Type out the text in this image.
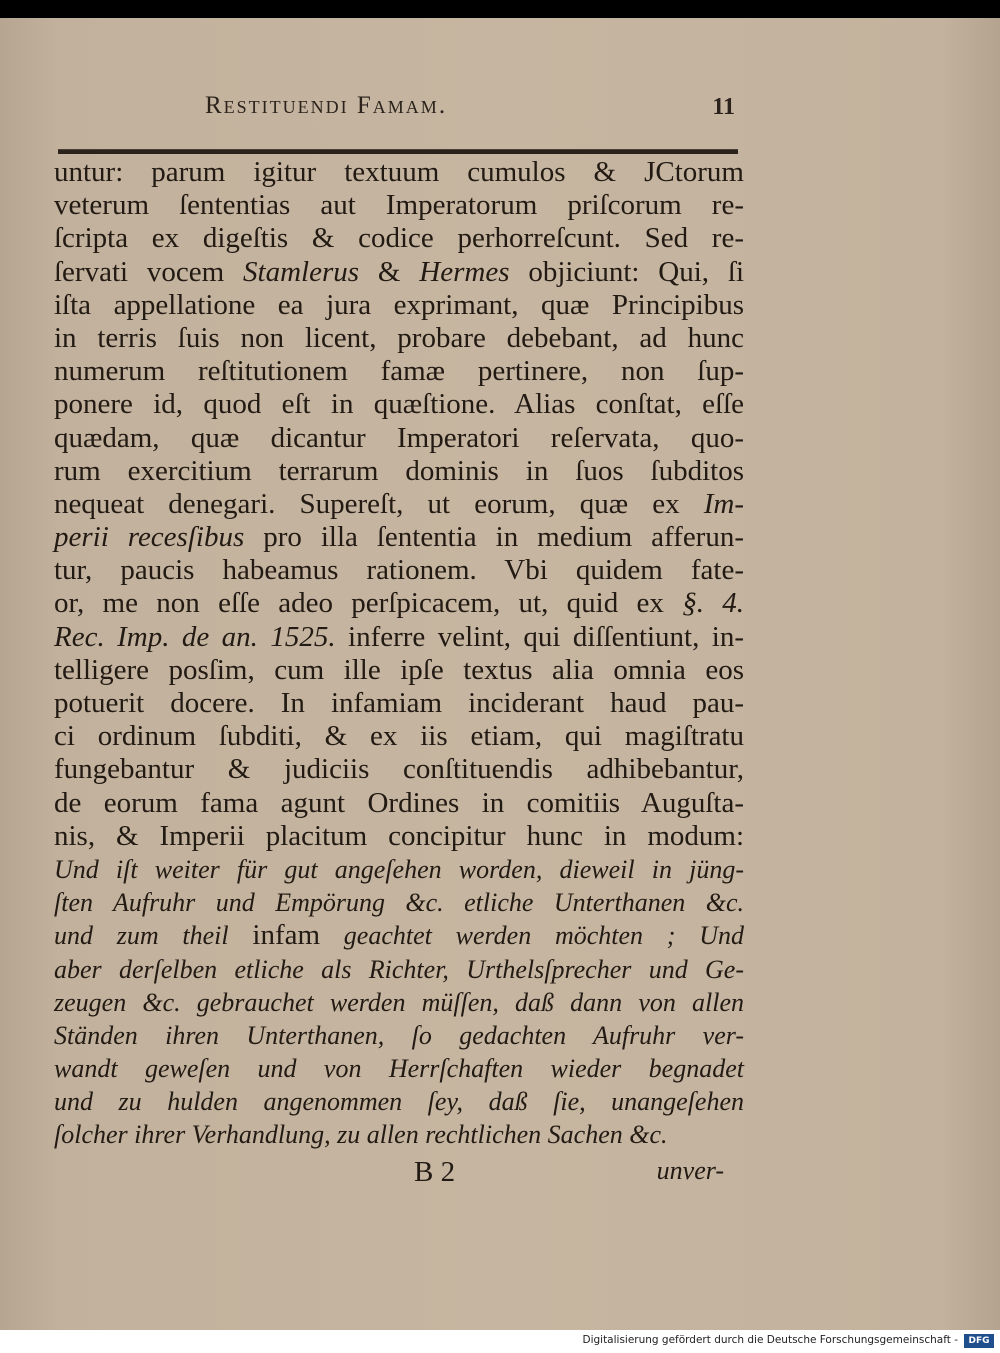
Restituendi Famam.	11
untur: parum igitur textuum cumulos & JCtorum
veterum ſententias aut Imperatorum priſcorum re-
ſcripta ex digeſtis & codice perhorreſcunt. Sed re-
ſervati vocem Stamlerus & Hermes objiciunt: Qui, ſi
iſta appellatione ea jura exprimant, quæ Principibus
in terris ſuis non licent, probare debebant, ad hunc
numerum reſtitutionem famæ pertinere, non ſup-
ponere id, quod eſt in quæſtione. Alias conſtat, eſſe
quædam, quæ dicantur Imperatori reſervata, quo-
rum exercitium terrarum dominis in ſuos ſubditos
nequeat denegari. Supereſt, ut eorum, quæ ex Im-
perii recesſibus pro illa ſententia in medium afferun-
tur, paucis habeamus rationem. Vbi quidem fate-
or, me non eſſe adeo perſpicacem, ut, quid ex §. 4.
Rec. Imp. de an. 1525. inferre velint, qui diſſentiunt, in-
telligere posſim, cum ille ipſe textus alia omnia eos
potuerit docere. In infamiam inciderant haud pau-
ci ordinum ſubditi, & ex iis etiam, qui magiſtratu
fungebantur & judiciis conſtituendis adhibebantur,
de eorum fama agunt Ordines in comitiis Auguſta-
nis, & Imperii placitum concipitur hunc in modum:
Und iſt weiter für gut angeſehen worden, dieweil in jüng-
ſten Aufruhr und Empörung &c. etliche Unterthanen &c.
und zum theil infam geachtet werden möchten ; Und
aber derſelben etliche als Richter, Urthelsſprecher und Ge-
zeugen &c. gebrauchet werden müſſen, daß dann von allen
Ständen ihren Unterthanen, ſo gedachten Aufruhr ver-
wandt geweſen und von Herrſchaften wieder begnadet
und zu hulden angenommen ſey, daß ſie, unangeſehen
ſolcher ihrer Verhandlung, zu allen rechtlichen Sachen &c.
B 2	unver-
Digitalisierung gefördert durch die Deutsche Forschungsgemeinschaft -	DFG
